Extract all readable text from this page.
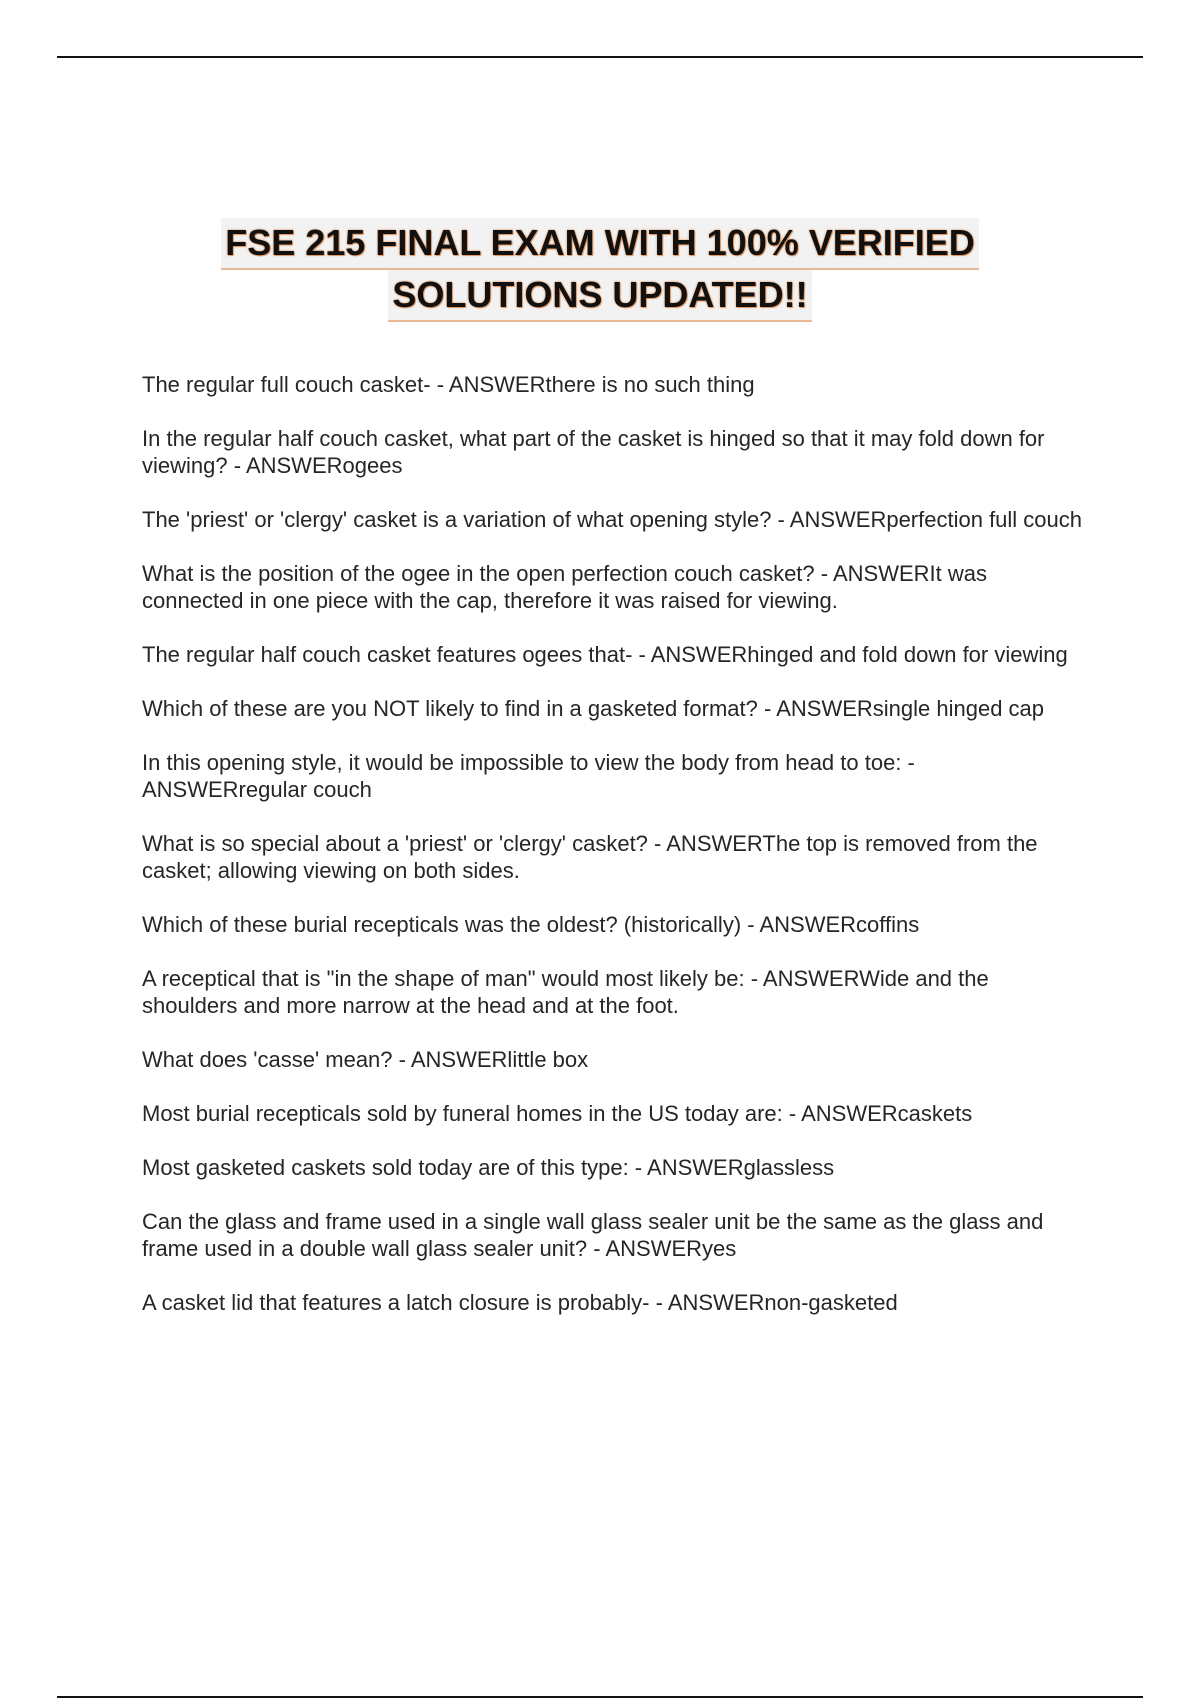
FSE 215 FINAL EXAM WITH 100% VERIFIED
SOLUTIONS UPDATED!!
The regular full couch casket- - ANSWERthere is no such thing
In the regular half couch casket, what part of the casket is hinged so that it may fold down for viewing? - ANSWERogees
The 'priest' or 'clergy' casket is a variation of what opening style? - ANSWERperfection full couch
What is the position of the ogee in the open perfection couch casket? - ANSWERIt was connected in one piece with the cap, therefore it was raised for viewing.
The regular half couch casket features ogees that- - ANSWERhinged and fold down for viewing
Which of these are you NOT likely to find in a gasketed format? - ANSWERsingle hinged cap
In this opening style, it would be impossible to view the body from head to toe: - ANSWERregular couch
What is so special about a 'priest' or 'clergy' casket? - ANSWERThe top is removed from the casket; allowing viewing on both sides.
Which of these burial recepticals was the oldest? (historically) - ANSWERcoffins
A receptical that is "in the shape of man" would most likely be: - ANSWERWide and the shoulders and more narrow at the head and at the foot.
What does 'casse' mean? - ANSWERlittle box
Most burial recepticals sold by funeral homes in the US today are: - ANSWERcaskets
Most gasketed caskets sold today are of this type: - ANSWERglassless
Can the glass and frame used in a single wall glass sealer unit be the same as the glass and frame used in a double wall glass sealer unit? - ANSWERyes
A casket lid that features a latch closure is probably- - ANSWERnon-gasketed
